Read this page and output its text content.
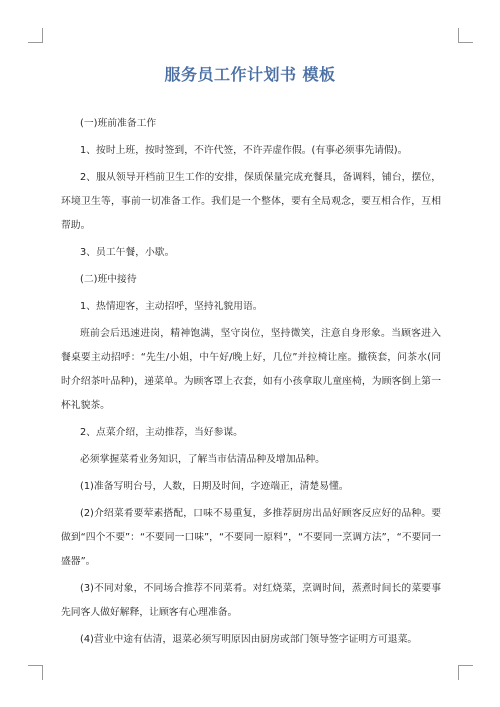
服务员工作计划书 模板

(一)班前准备工作

1、按时上班，按时签到，不许代签，不许弄虚作假。(有事必须事先请假)。

2、服从领导开档前卫生工作的安排，保质保量完成充餐具，备调料，铺台，摆位，环境卫生等，事前一切准备工作。我们是一个整体，要有全局观念，要互相合作，互相帮助。

3、员工午餐，小歇。

(二)班中接待

1、热情迎客，主动招呼，坚持礼貌用语。

班前会后迅速进岗，精神饱满，坚守岗位，坚持微笑，注意自身形象。当顾客进入餐桌要主动招呼：“先生/小姐，中午好/晚上好，几位”并拉椅让座。撤筷套，问茶水(同时介绍茶叶品种)，递菜单。为顾客罩上衣套，如有小孩拿取儿童座椅，为顾客倒上第一杯礼貌茶。

2、点菜介绍，主动推荐，当好参谋。

必须掌握菜肴业务知识，了解当市估清品种及增加品种。

(1)准备写明台号，人数，日期及时间，字迹端正，清楚易懂。

(2)介绍菜肴要荤素搭配，口味不易重复，多推荐厨房出品好顾客反应好的品种。要做到“四个不要”：“不要同一口味”，“不要同一原料”，“不要同一烹调方法”，“不要同一盛器”。

(3)不同对象，不同场合推荐不同菜肴。对红烧菜，烹调时间，蒸煮时间长的菜要事先同客人做好解释，让顾客有心理准备。

(4)营业中途有估清，退菜必须写明原因由厨房或部门领导签字证明方可退菜。
